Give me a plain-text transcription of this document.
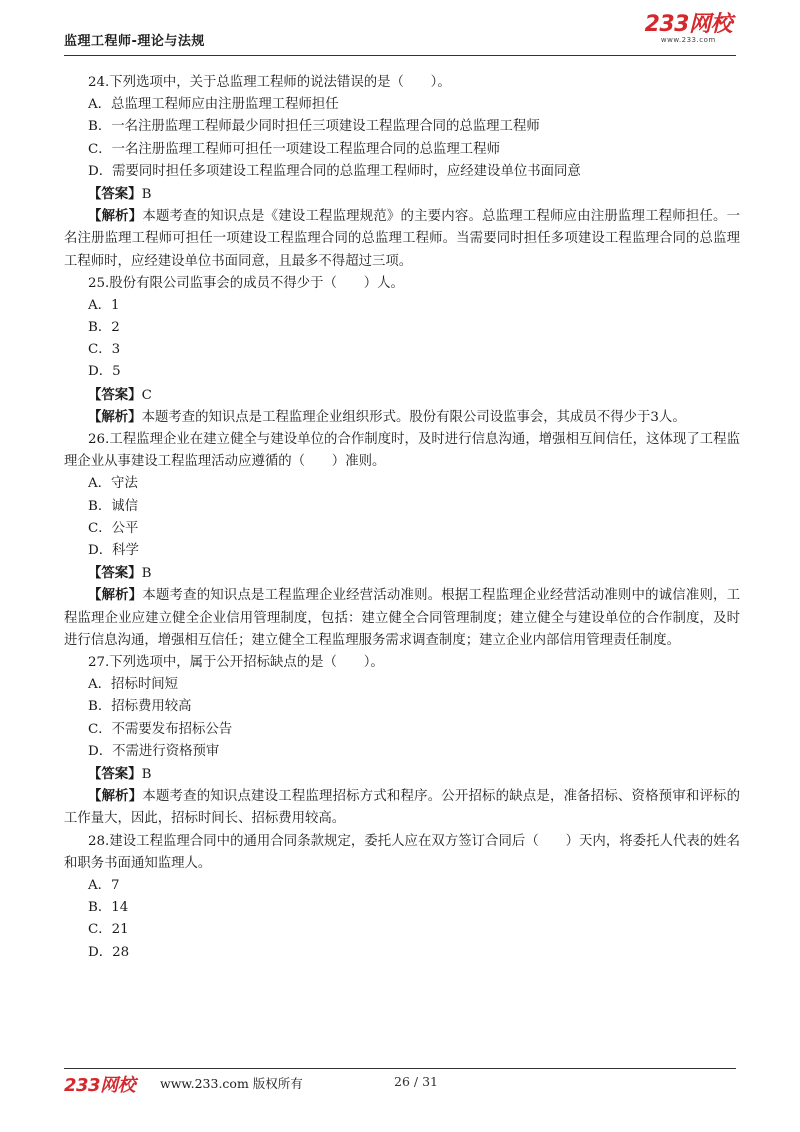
监理工程师-理论与法规
233网校
www.233.com
24.下列选项中，关于总监理工程师的说法错误的是（　　）。
A．总监理工程师应由注册监理工程师担任
B．一名注册监理工程师最少同时担任三项建设工程监理合同的总监理工程师
C．一名注册监理工程师可担任一项建设工程监理合同的总监理工程师
D．需要同时担任多项建设工程监理合同的总监理工程师时，应经建设单位书面同意
【答案】B
【解析】本题考查的知识点是《建设工程监理规范》的主要内容。总监理工程师应由注册监理工程师担任。一名注册监理工程师可担任一项建设工程监理合同的总监理工程师。当需要同时担任多项建设工程监理合同的总监理工程师时，应经建设单位书面同意，且最多不得超过三项。
25.股份有限公司监事会的成员不得少于（　　）人。
A．1
B．2
C．3
D．5
【答案】C
【解析】本题考查的知识点是工程监理企业组织形式。股份有限公司设监事会，其成员不得少于3人。
26.工程监理企业在建立健全与建设单位的合作制度时，及时进行信息沟通，增强相互间信任，这体现了工程监理企业从事建设工程监理活动应遵循的（　　）准则。
A．守法
B．诚信
C．公平
D．科学
【答案】B
【解析】本题考查的知识点是工程监理企业经营活动准则。根据工程监理企业经营活动准则中的诚信准则，工程监理企业应建立健全企业信用管理制度，包括：建立健全合同管理制度；建立健全与建设单位的合作制度，及时进行信息沟通，增强相互信任；建立健全工程监理服务需求调查制度；建立企业内部信用管理责任制度。
27.下列选项中，属于公开招标缺点的是（　　）。
A．招标时间短
B．招标费用较高
C．不需要发布招标公告
D．不需进行资格预审
【答案】B
【解析】本题考查的知识点建设工程监理招标方式和程序。公开招标的缺点是，准备招标、资格预审和评标的工作量大，因此，招标时间长、招标费用较高。
28.建设工程监理合同中的通用合同条款规定，委托人应在双方签订合同后（　　）天内，将委托人代表的姓名和职务书面通知监理人。
A．7
B．14
C．21
D．28
233网校 www.233.com 版权所有	26 / 31
